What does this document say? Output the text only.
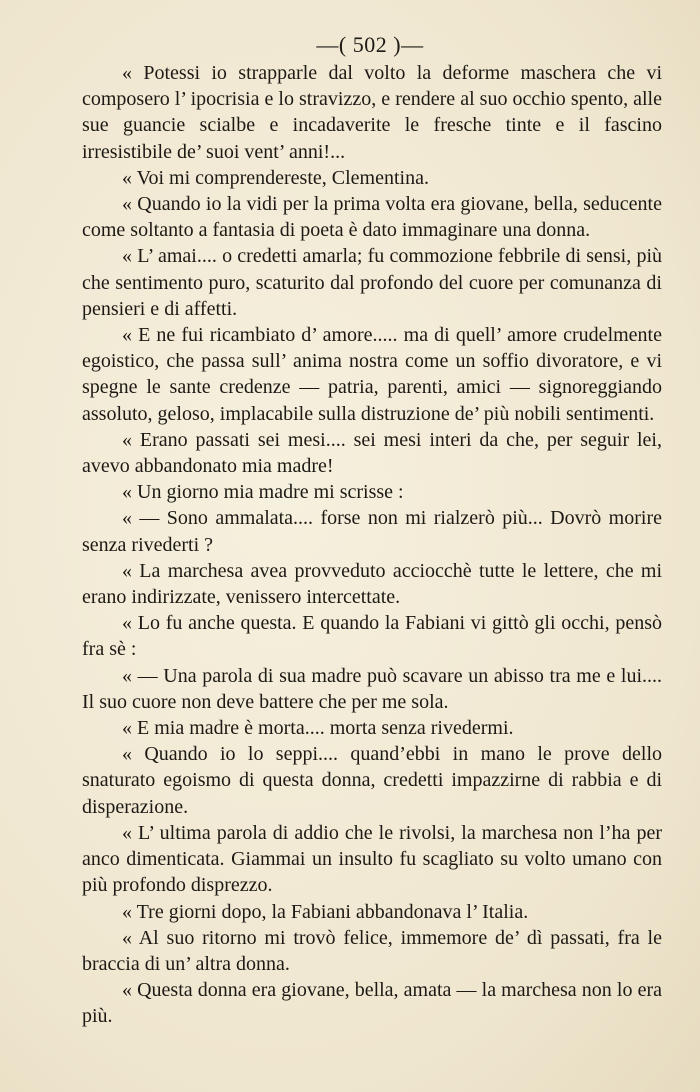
—( 502 )—

« Potessi io strapparle dal volto la deforme maschera che vi composero l’ ipocrisia e lo stravizzo, e rendere al suo occhio spento, alle sue guancie scialbe e incadaverite le fresche tinte e il fascino irresistibile de’ suoi vent’ anni!...

« Voi mi comprendereste, Clementina.

« Quando io la vidi per la prima volta era giovane, bella, seducente come soltanto a fantasia di poeta è dato immaginare una donna.

« L’ amai.... o credetti amarla; fu commozione febbrile di sensi, più che sentimento puro, scaturito dal profondo del cuore per comunanza di pensieri e di affetti.

« E ne fui ricambiato d’ amore..... ma di quell’ amore crudelmente egoistico, che passa sull’ anima nostra come un soffio divoratore, e vi spegne le sante credenze — patria, parenti, amici — signoreggiando assoluto, geloso, implacabile sulla distruzione de’ più nobili sentimenti.

« Erano passati sei mesi.... sei mesi interi da che, per seguir lei, avevo abbandonato mia madre!

« Un giorno mia madre mi scrisse :

« — Sono ammalata.... forse non mi rialzerò più... Dovrò morire senza rivederti ?

« La marchesa avea provveduto acciocchè tutte le lettere, che mi erano indirizzate, venissero intercettate.

« Lo fu anche questa. E quando la Fabiani vi gittò gli occhi, pensò fra sè :

« — Una parola di sua madre può scavare un abisso tra me e lui.... Il suo cuore non deve battere che per me sola.

« E mia madre è morta.... morta senza rivedermi.

« Quando io lo seppi.... quand’ebbi in mano le prove dello snaturato egoismo di questa donna, credetti impazzirne di rabbia e di disperazione.

« L’ ultima parola di addio che le rivolsi, la marchesa non l’ha per anco dimenticata. Giammai un insulto fu scagliato su volto umano con più profondo disprezzo.

« Tre giorni dopo, la Fabiani abbandonava l’ Italia.

« Al suo ritorno mi trovò felice, immemore de’ dì passati, fra le braccia di un’ altra donna.

« Questa donna era giovane, bella, amata — la marchesa non lo era più.
